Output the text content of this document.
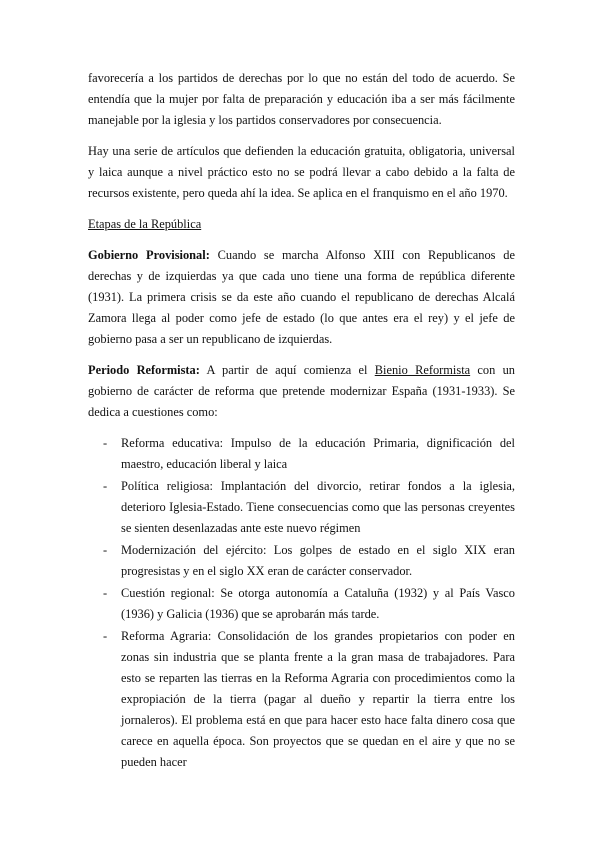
favorecería a los partidos de derechas por lo que no están del todo de acuerdo. Se entendía que la mujer por falta de preparación y educación iba a ser más fácilmente manejable por la iglesia y los partidos conservadores por consecuencia.

Hay una serie de artículos que defienden la educación gratuita, obligatoria, universal y laica aunque a nivel práctico esto no se podrá llevar a cabo debido a la falta de recursos existente, pero queda ahí la idea. Se aplica en el franquismo en el año 1970.

Etapas de la República

Gobierno Provisional: Cuando se marcha Alfonso XIII con Republicanos de derechas y de izquierdas ya que cada uno tiene una forma de república diferente (1931). La primera crisis se da este año cuando el republicano de derechas Alcalá Zamora llega al poder como jefe de estado (lo que antes era el rey) y el jefe de gobierno pasa a ser un republicano de izquierdas.

Periodo Reformista: A partir de aquí comienza el Bienio Reformista con un gobierno de carácter de reforma que pretende modernizar España (1931-1933). Se dedica a cuestiones como:

- Reforma educativa: Impulso de la educación Primaria, dignificación del maestro, educación liberal y laica
- Política religiosa: Implantación del divorcio, retirar fondos a la iglesia, deterioro Iglesia-Estado. Tiene consecuencias como que las personas creyentes se sienten desenlazadas ante este nuevo régimen
- Modernización del ejército: Los golpes de estado en el siglo XIX eran progresistas y en el siglo XX eran de carácter conservador.
- Cuestión regional: Se otorga autonomía a Cataluña (1932) y al País Vasco (1936) y Galicia (1936) que se aprobarán más tarde.
- Reforma Agraria: Consolidación de los grandes propietarios con poder en zonas sin industria que se planta frente a la gran masa de trabajadores. Para esto se reparten las tierras en la Reforma Agraria con procedimientos como la expropiación de la tierra (pagar al dueño y repartir la tierra entre los jornaleros). El problema está en que para hacer esto hace falta dinero cosa que carece en aquella época. Son proyectos que se quedan en el aire y que no se pueden hacer
